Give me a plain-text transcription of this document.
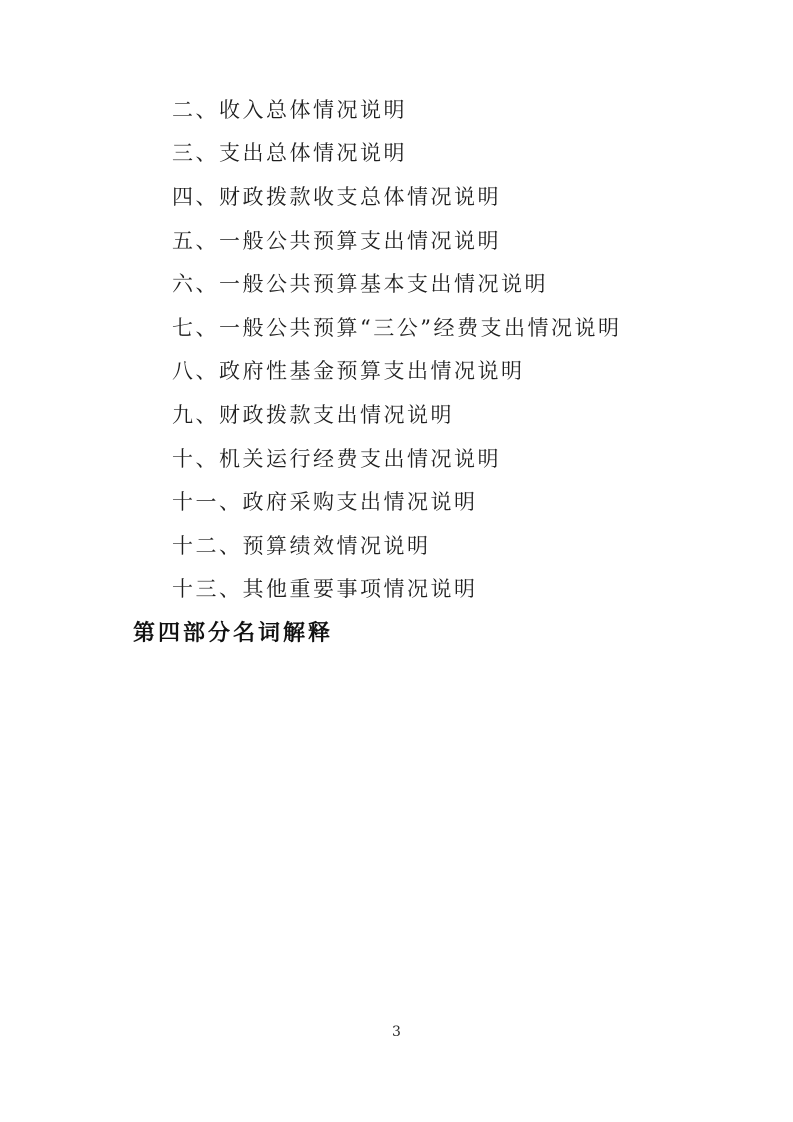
二、收入总体情况说明
三、支出总体情况说明
四、财政拨款收支总体情况说明
五、一般公共预算支出情况说明
六、一般公共预算基本支出情况说明
七、一般公共预算“三公”经费支出情况说明
八、政府性基金预算支出情况说明
九、财政拨款支出情况说明
十、机关运行经费支出情况说明
十一、政府采购支出情况说明
十二、预算绩效情况说明
十三、其他重要事项情况说明
第四部分名词解释
3
